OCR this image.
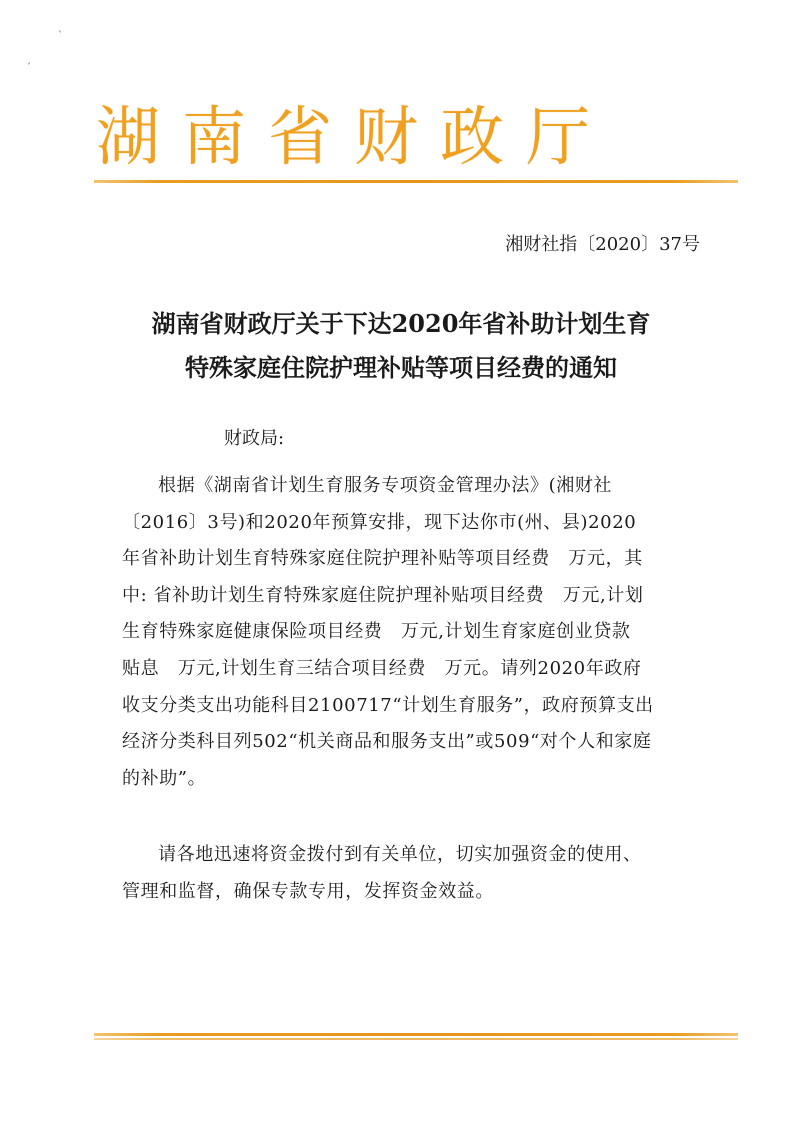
ˋ
ˊ
湖南省财政厅
湘财社指〔2020〕37号
湖南省财政厅关于下达2020年省补助计划生育
特殊家庭住院护理补贴等项目经费的通知
财政局:
根据《湖南省计划生育服务专项资金管理办法》(湘财社
〔2016〕3号)和2020年预算安排，现下达你市(州、县)2020
年省补助计划生育特殊家庭住院护理补贴等项目经费　万元，其
中: 省补助计划生育特殊家庭住院护理补贴项目经费　万元,计划
生育特殊家庭健康保险项目经费　万元,计划生育家庭创业贷款
贴息　万元,计划生育三结合项目经费　万元。请列2020年政府
收支分类支出功能科目2100717“计划生育服务”，政府预算支出
经济分类科目列502“机关商品和服务支出”或509“对个人和家庭
的补助”。
请各地迅速将资金拨付到有关单位，切实加强资金的使用、
管理和监督，确保专款专用，发挥资金效益。
